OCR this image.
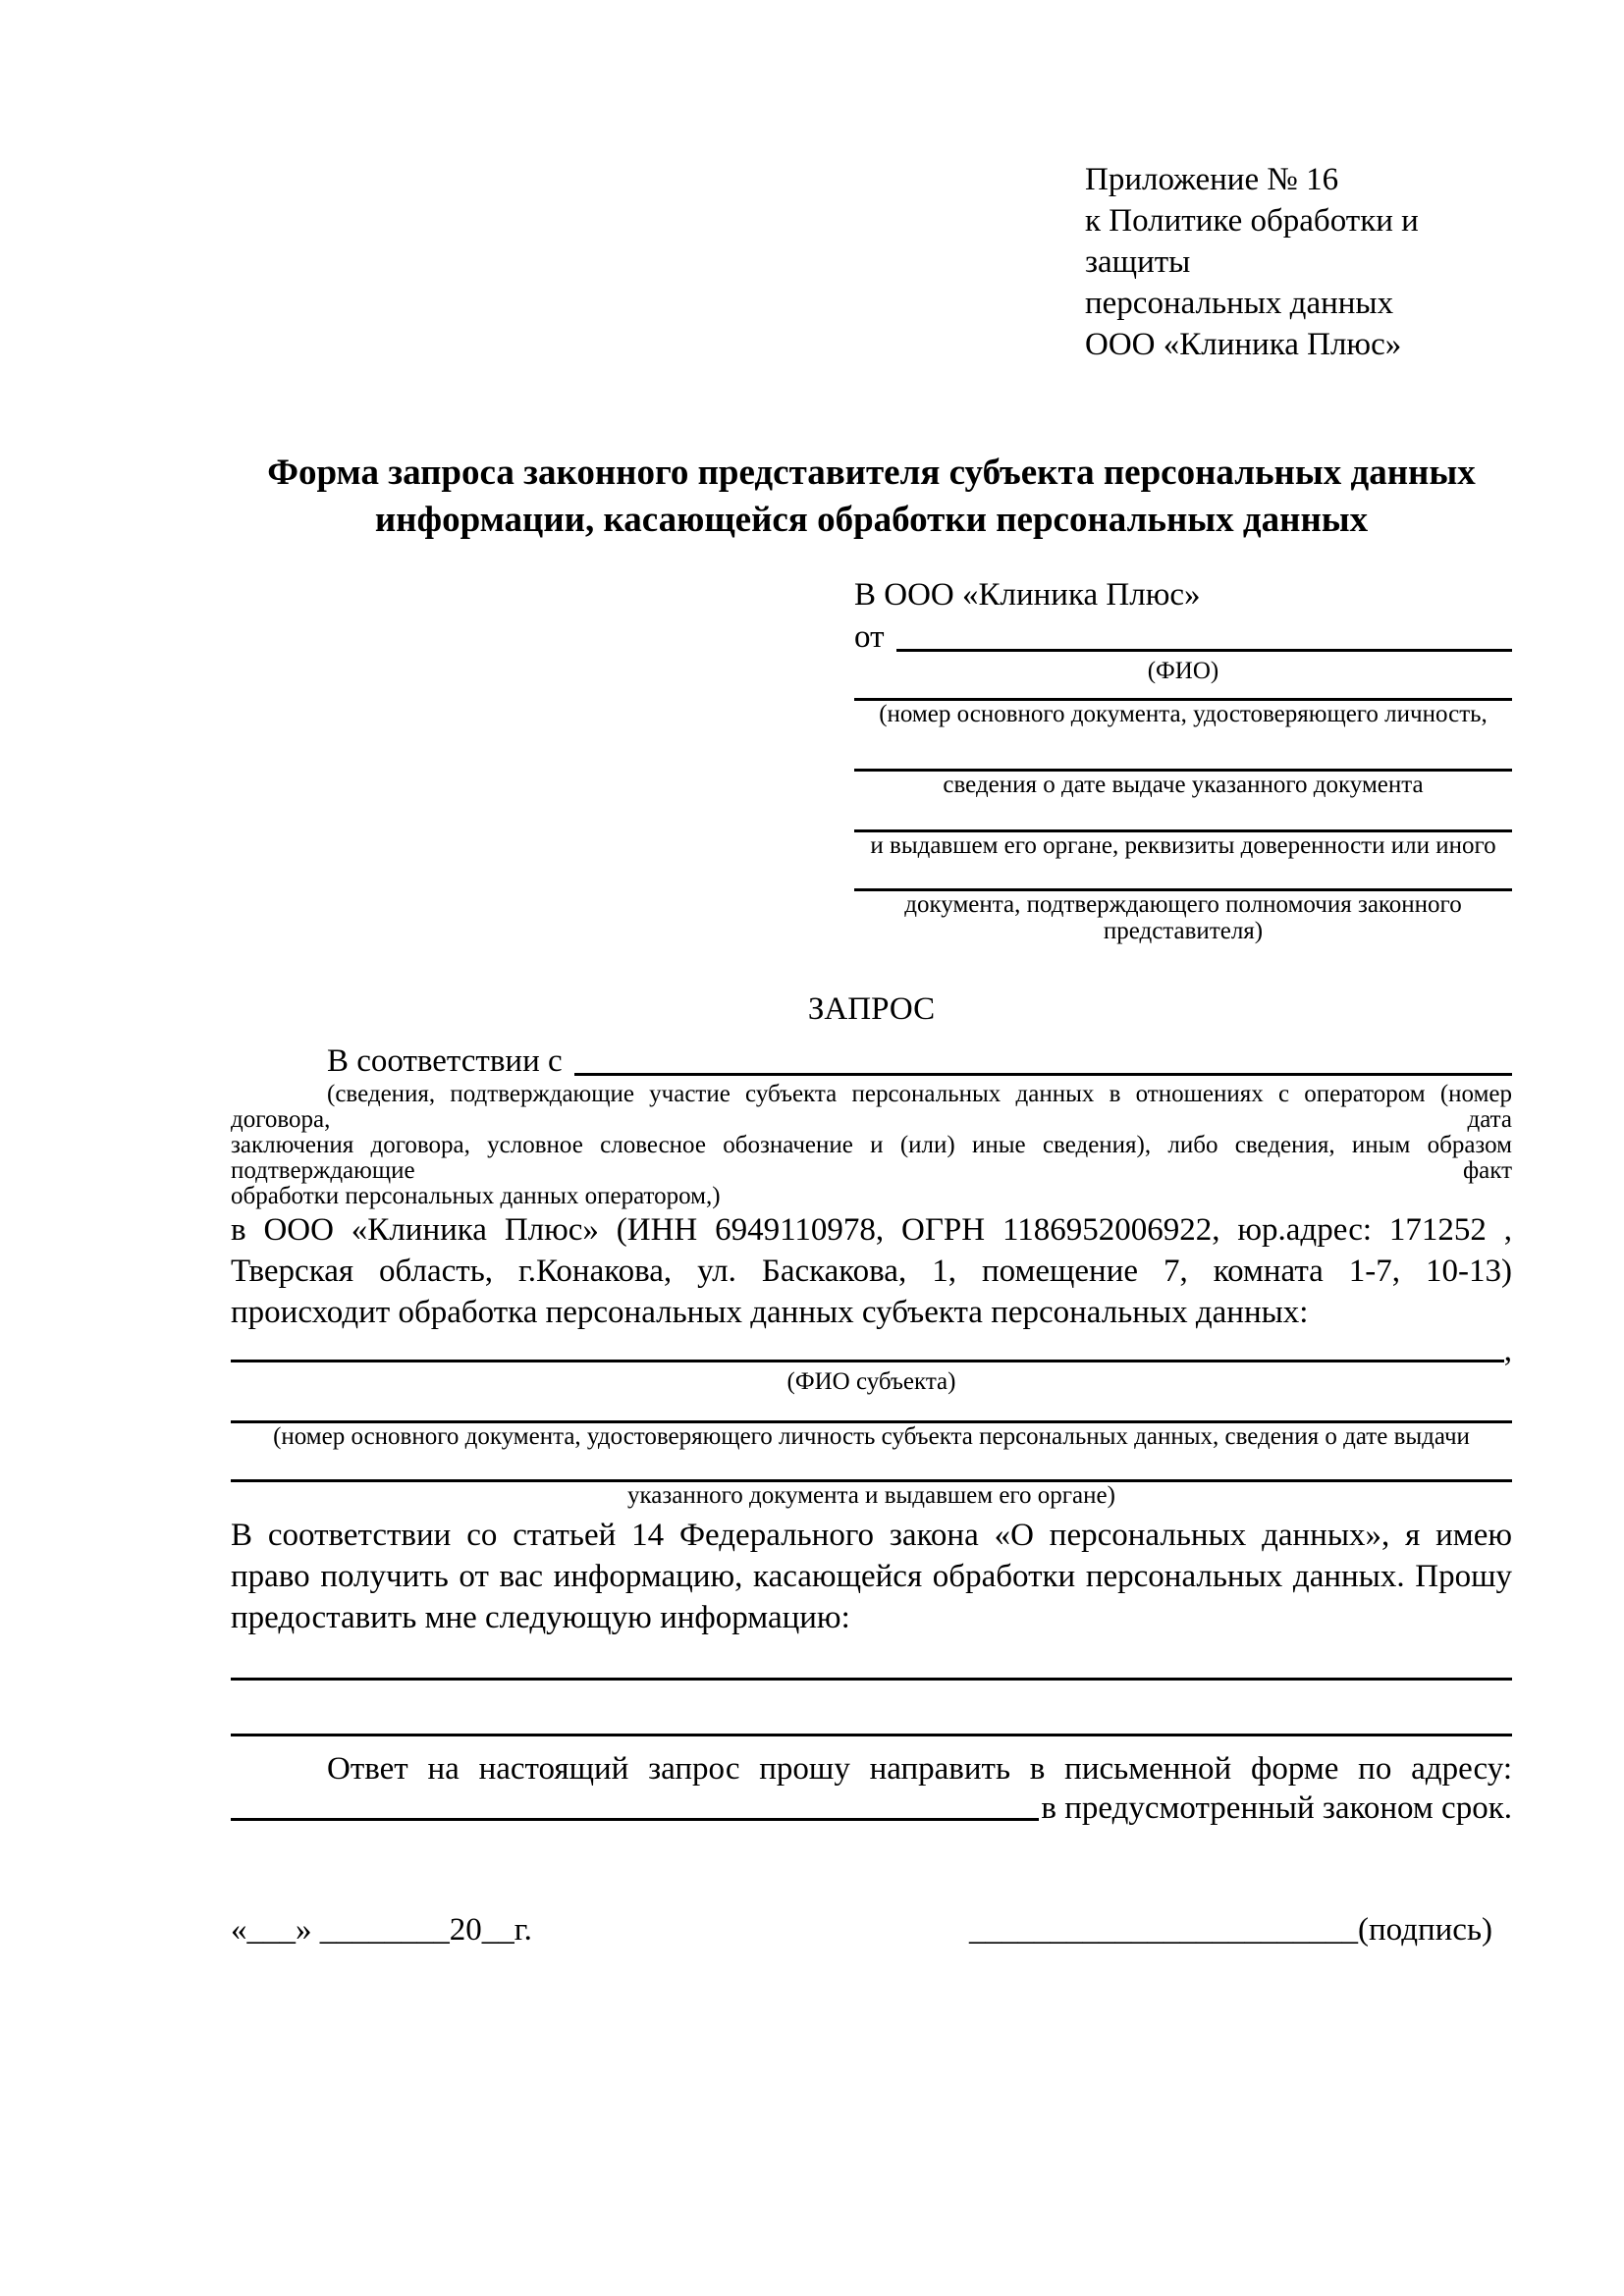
Приложение № 16
к Политике обработки и защиты
персональных данных
ООО «Клиника Плюс»
Форма запроса законного представителя субъекта персональных данных
информации, касающейся обработки персональных данных
В ООО «Клиника Плюс»
от
(ФИО)
(номер основного документа, удостоверяющего личность,
сведения о дате выдаче указанного документа
и выдавшем его органе, реквизиты доверенности или иного
документа, подтверждающего полномочия законного представителя)
ЗАПРОС
В соответствии с
(сведения, подтверждающие участие субъекта персональных данных в отношениях с оператором (номер договора, дата
заключения договора, условное словесное обозначение и (или) иные сведения), либо сведения, иным образом подтверждающие факт
обработки персональных данных оператором,)
в ООО «Клиника Плюс» (ИНН 6949110978, ОГРН 1186952006922, юр.адрес: 171252 ,
Тверская область, г.Конакова, ул. Баскакова, 1, помещение 7, комната 1-7, 10-13)
происходит обработка персональных данных субъекта персональных данных:
,
(ФИО субъекта)
(номер основного документа, удостоверяющего личность субъекта персональных данных, сведения о дате выдачи
указанного документа и выдавшем его органе)
В соответствии со статьей 14 Федерального закона «О персональных данных», я имею
право получить от вас информацию, касающейся обработки персональных данных. Прошу
предоставить мне следующую информацию:
Ответ на настоящий запрос прошу направить в письменной форме по адресу:
в предусмотренный законом срок.
«___» ________20__г.	________________________(подпись)
